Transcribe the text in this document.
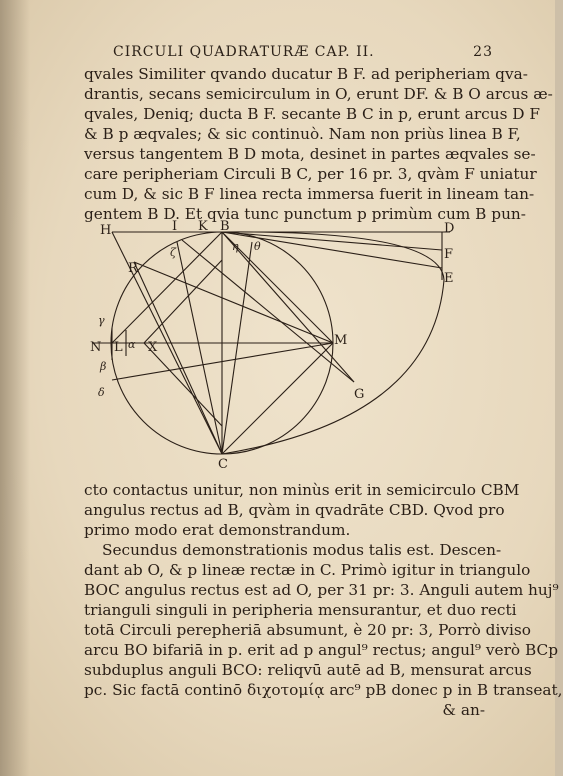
CIRCULI QUADRATURÆ CAP. II.	23
qvales Similiter qvando ducatur B F. ad peripheriam qva-
drantis, secans semicirculum in O, erunt DF. & B O arcus æ-
qvales, Deniq; ducta B F. secante B C in p, erunt arcus D F
& B p æqvales; & sic continuò. Nam non priùs linea B F,
versus tangentem B D mota, desinet in partes æqvales se-
care peripheriam Circuli B C, per 16 pr. 3, qvàm F uniatur
cum D, & sic B F linea recta immersa fuerit in lineam tan-
gentem B D. Et qvia tunc punctum p primùm cum B pun-
H	I K B	D
F
E
R
M
N L X
G
C
γ
α
β
δ
ζ	η θ
cto contactus unitur, non minùs erit in semicirculo CBM
angulus rectus ad B, qvàm in qvadrāte CBD. Qvod pro
primo modo erat demonstrandum.
Secundus demonstrationis modus talis est. Descen-
dant ab O, & p lineæ rectæ in C. Primò igitur in triangulo
BOC angulus rectus est ad O, per 31 pr: 3. Anguli autem huj⁹
trianguli singuli in peripheria mensurantur, et duo recti
totā Circuli perepheriā absumunt, è 20 pr: 3, Porrò diviso
arcu BO bifariā in p. erit ad p angul⁹ rectus; angul⁹ verò BCp
subduplus anguli BCO: reliqvū autē ad B, mensurat arcus
pc. Sic factā continō διχοτομίᾳ arc⁹ pB donec p in B transeat,
& an-
